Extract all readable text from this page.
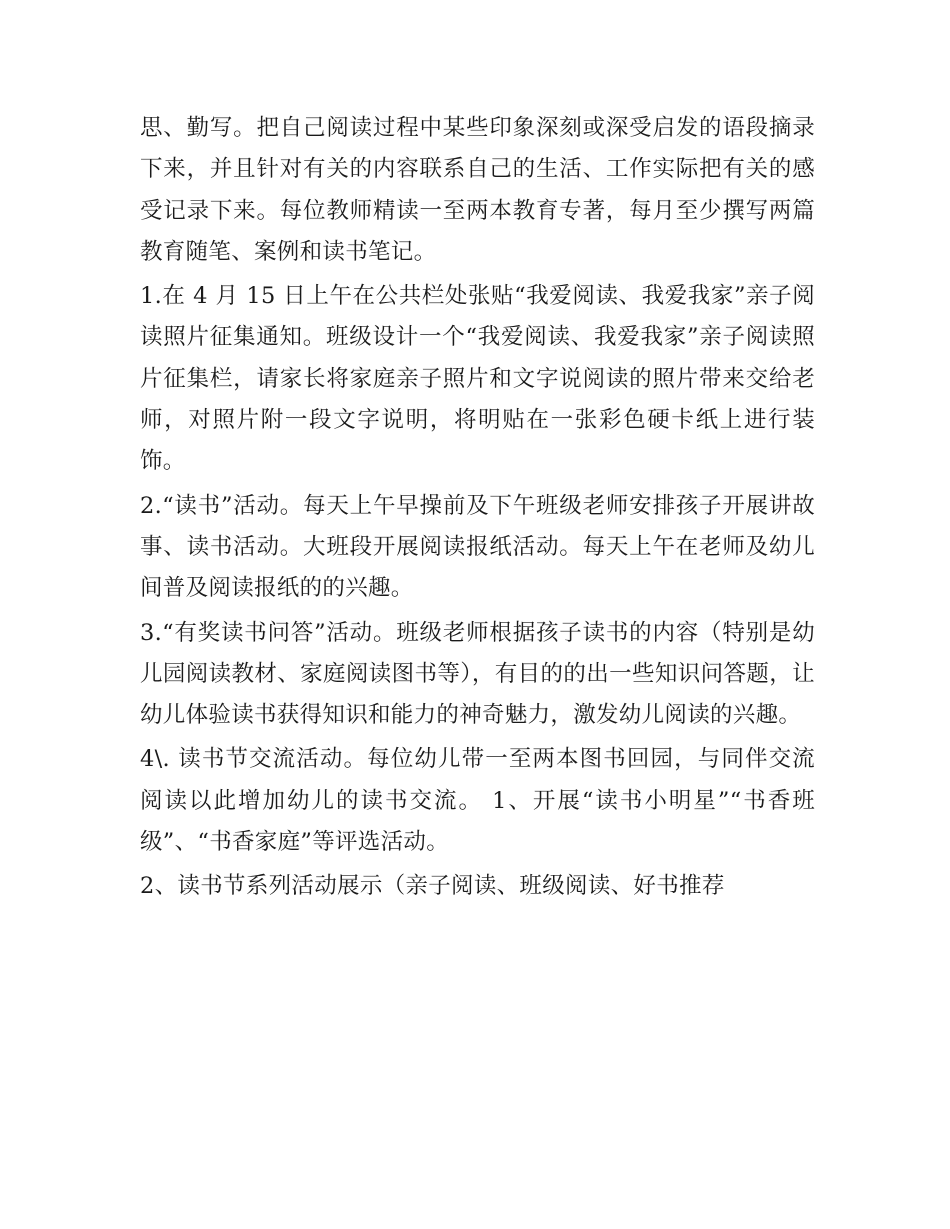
思、勤写。把自己阅读过程中某些印象深刻或深受启发的语段摘录下来，并且针对有关的内容联系自己的生活、工作实际把有关的感受记录下来。每位教师精读一至两本教育专著，每月至少撰写两篇教育随笔、案例和读书笔记。

1.在 4 月 15 日上午在公共栏处张贴“我爱阅读、我爱我家”亲子阅读照片征集通知。班级设计一个“我爱阅读、我爱我家”亲子阅读照片征集栏，请家长将家庭亲子照片和文字说阅读的照片带来交给老师，对照片附一段文字说明，将明贴在一张彩色硬卡纸上进行装饰。

2.“读书”活动。每天上午早操前及下午班级老师安排孩子开展讲故事、读书活动。大班段开展阅读报纸活动。每天上午在老师及幼儿间普及阅读报纸的的兴趣。

3.“有奖读书问答”活动。班级老师根据孩子读书的内容（特别是幼儿园阅读教材、家庭阅读图书等），有目的的出一些知识问答题，让幼儿体验读书获得知识和能力的神奇魅力，激发幼儿阅读的兴趣。

4\. 读书节交流活动。每位幼儿带一至两本图书回园，与同伴交流阅读以此增加幼儿的读书交流。 1、开展“读书小明星”“书香班级”、“书香家庭”等评选活动。

2、读书节系列活动展示（亲子阅读、班级阅读、好书推荐
